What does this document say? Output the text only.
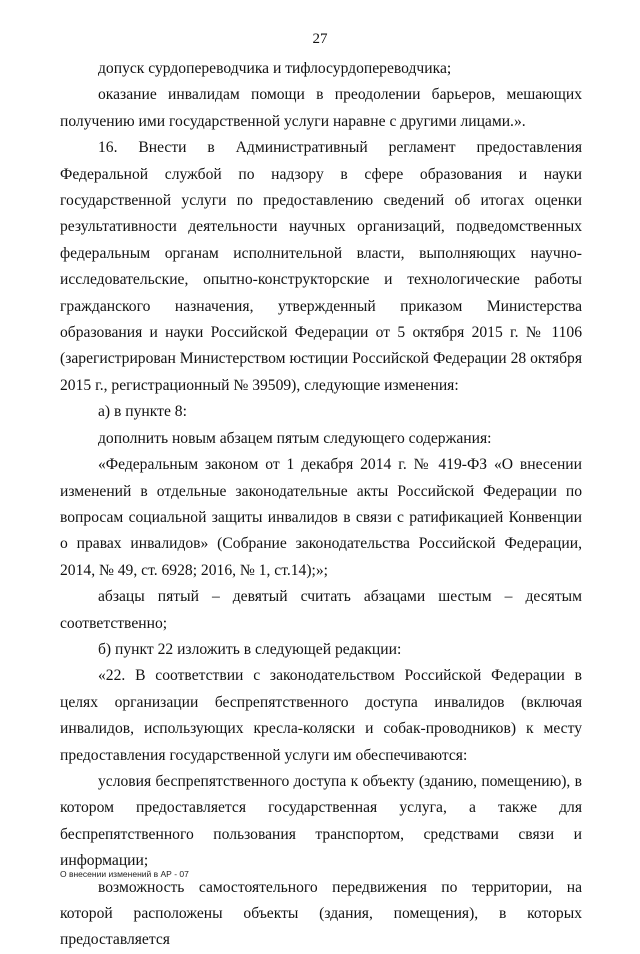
27

допуск сурдопереводчика и тифлосурдопереводчика;

оказание инвалидам помощи в преодолении барьеров, мешающих получению ими государственной услуги наравне с другими лицами.».

16. Внести в Административный регламент предоставления Федеральной службой по надзору в сфере образования и науки государственной услуги по предоставлению сведений об итогах оценки результативности деятельности научных организаций, подведомственных федеральным органам исполнительной власти, выполняющих научно-исследовательские, опытно-конструкторские и технологические работы гражданского назначения, утвержденный приказом Министерства образования и науки Российской Федерации от 5 октября 2015 г. № 1106 (зарегистрирован Министерством юстиции Российской Федерации 28 октября 2015 г., регистрационный № 39509), следующие изменения:

а) в пункте 8:

дополнить новым абзацем пятым следующего содержания:

«Федеральным законом от 1 декабря 2014 г. № 419-ФЗ «О внесении изменений в отдельные законодательные акты Российской Федерации по вопросам социальной защиты инвалидов в связи с ратификацией Конвенции о правах инвалидов» (Собрание законодательства Российской Федерации, 2014, № 49, ст. 6928; 2016, № 1, ст.14);»;

абзацы пятый – девятый считать абзацами шестым – десятым соответственно;

б) пункт 22 изложить в следующей редакции:

«22. В соответствии с законодательством Российской Федерации в целях организации беспрепятственного доступа инвалидов (включая инвалидов, использующих кресла-коляски и собак-проводников) к месту предоставления государственной услуги им обеспечиваются:

условия беспрепятственного доступа к объекту (зданию, помещению), в котором предоставляется государственная услуга, а также для беспрепятственного пользования транспортом, средствами связи и информации;

возможность самостоятельного передвижения по территории, на которой расположены объекты (здания, помещения), в которых предоставляется

О внесении изменений в АР - 07
